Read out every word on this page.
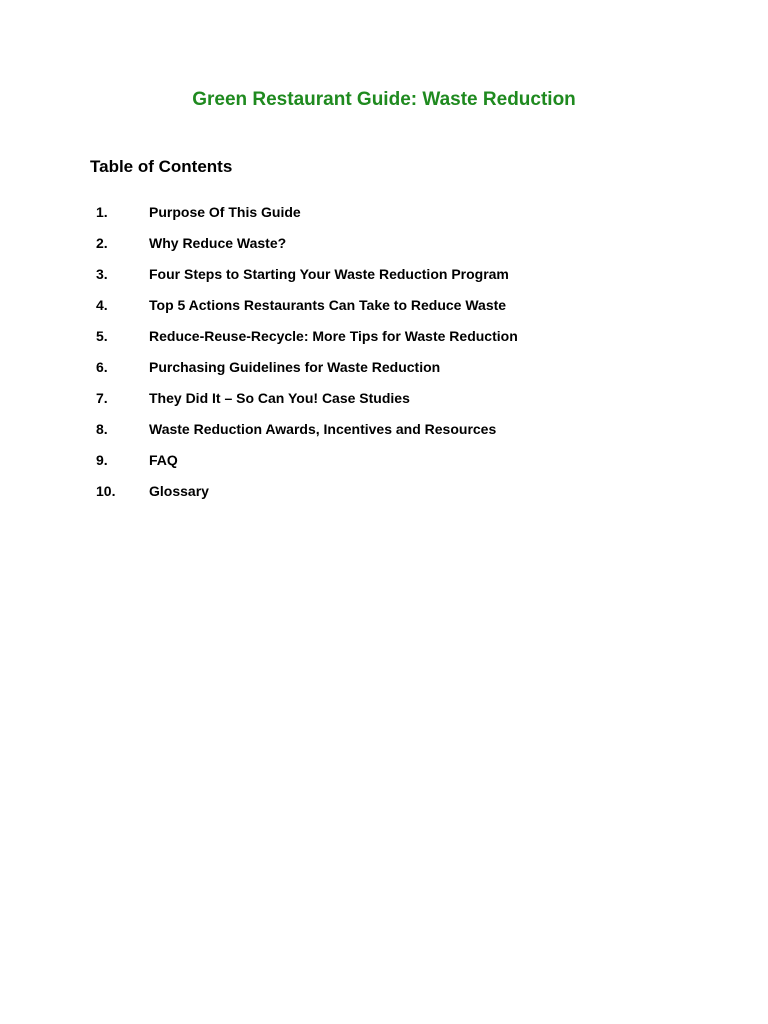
Green Restaurant Guide: Waste Reduction
Table of Contents
1.	Purpose Of This Guide
2.	Why Reduce Waste?
3.	Four Steps to Starting Your Waste Reduction Program
4.	Top 5 Actions Restaurants Can Take to Reduce Waste
5.	Reduce-Reuse-Recycle: More Tips for Waste Reduction
6.	Purchasing Guidelines for Waste Reduction
7.	They Did It – So Can You! Case Studies
8.	Waste Reduction Awards, Incentives and Resources
9.	FAQ
10.	Glossary
